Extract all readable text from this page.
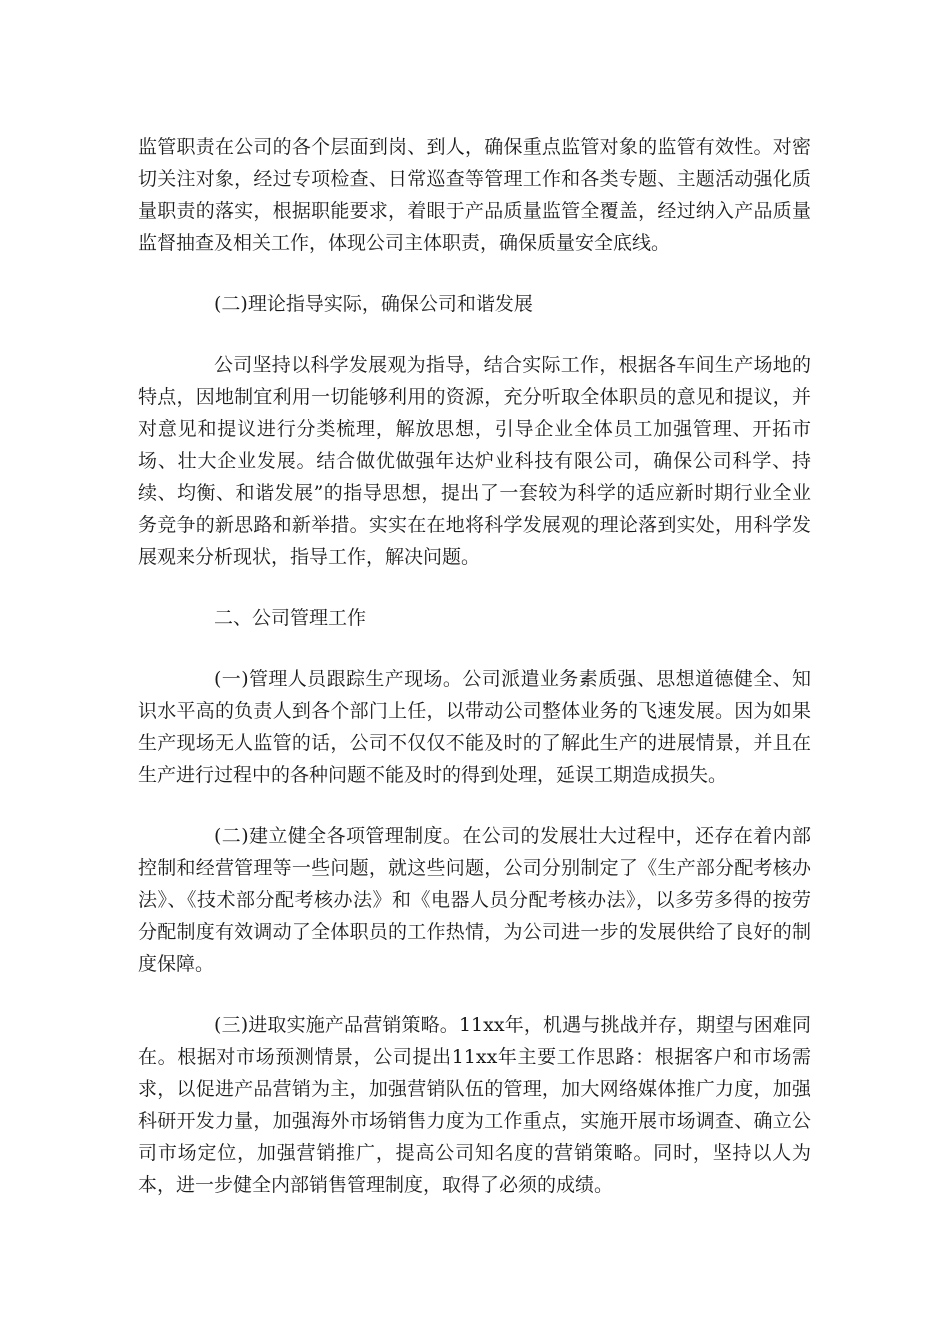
监管职责在公司的各个层面到岗、到人，确保重点监管对象的监管有效性。对密切关注对象，经过专项检查、日常巡查等管理工作和各类专题、主题活动强化质量职责的落实，根据职能要求，着眼于产品质量监管全覆盖，经过纳入产品质量监督抽查及相关工作，体现公司主体职责，确保质量安全底线。

(二)理论指导实际，确保公司和谐发展

公司坚持以科学发展观为指导，结合实际工作，根据各车间生产场地的特点，因地制宜利用一切能够利用的资源，充分听取全体职员的意见和提议，并对意见和提议进行分类梳理，解放思想，引导企业全体员工加强管理、开拓市场、壮大企业发展。结合做优做强年达炉业科技有限公司，确保公司科学、持续、均衡、和谐发展”的指导思想，提出了一套较为科学的适应新时期行业全业务竞争的新思路和新举措。实实在在地将科学发展观的理论落到实处，用科学发展观来分析现状，指导工作，解决问题。

二、公司管理工作

(一)管理人员跟踪生产现场。公司派遣业务素质强、思想道德健全、知识水平高的负责人到各个部门上任，以带动公司整体业务的飞速发展。因为如果生产现场无人监管的话，公司不仅仅不能及时的了解此生产的进展情景，并且在生产进行过程中的各种问题不能及时的得到处理，延误工期造成损失。

(二)建立健全各项管理制度。在公司的发展壮大过程中，还存在着内部控制和经营管理等一些问题，就这些问题，公司分别制定了《生产部分配考核办法》、《技术部分配考核办法》和《电器人员分配考核办法》，以多劳多得的按劳分配制度有效调动了全体职员的工作热情，为公司进一步的发展供给了良好的制度保障。

(三)进取实施产品营销策略。11xx年，机遇与挑战并存，期望与困难同在。根据对市场预测情景，公司提出11xx年主要工作思路：根据客户和市场需求，以促进产品营销为主，加强营销队伍的管理，加大网络媒体推广力度，加强科研开发力量，加强海外市场销售力度为工作重点，实施开展市场调查、确立公司市场定位，加强营销推广，提高公司知名度的营销策略。同时，坚持以人为本，进一步健全内部销售管理制度，取得了必须的成绩。
